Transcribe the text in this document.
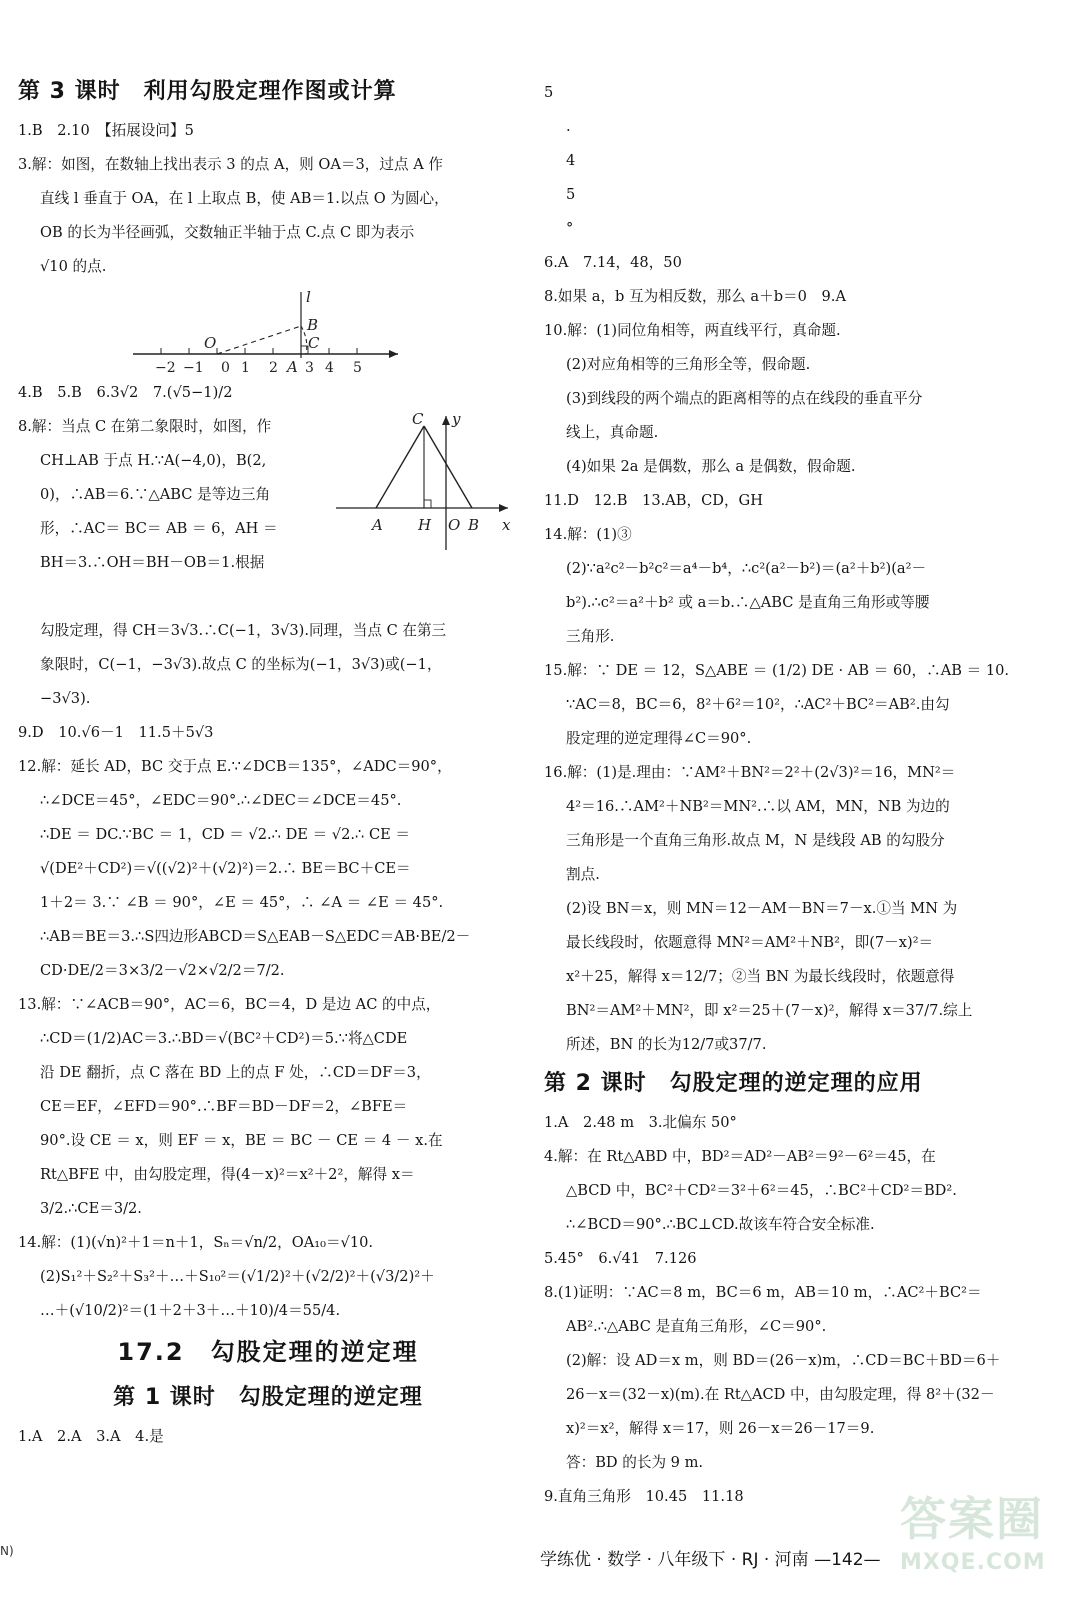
第 3 课时　利用勾股定理作图或计算
1.B　2.10　【拓展设问】5
3.解：如图，在数轴上找出表示 3 的点 A，则 OA＝3，过点 A 作
直线 l 垂直于 OA，在 l 上取点 B，使 AB＝1.以点 O 为圆心，
OB 的长为半径画弧，交数轴正半轴于点 C.点 C 即为表示
√10 的点.
−2 −1 0 1 2 3 4 5
l
B
C
O
A
4.B　5.B　6.3√2　7.(√5−1)/2
8.解：当点 C 在第二象限时，如图，作
CH⊥AB 于点 H.∵A(−4,0)，B(2,
0)，∴AB＝6.∵△ABC 是等边三角
形，∴AC＝ BC＝ AB ＝ 6，AH ＝
BH＝3.∴OH＝BH－OB＝1.根据
C y
A H O B x
勾股定理，得 CH＝3√3.∴C(−1，3√3).同理，当点 C 在第三
象限时，C(−1，−3√3).故点 C 的坐标为(−1，3√3)或(−1，
−3√3).
9.D　10.√6－1　11.5＋5√3
12.解：延长 AD，BC 交于点 E.∵∠DCB＝135°，∠ADC＝90°，
∴∠DCE＝45°，∠EDC＝90°.∴∠DEC＝∠DCE＝45°.
∴DE ＝ DC.∵BC ＝ 1，CD ＝ √2.∴ DE ＝ √2.∴ CE ＝
√(DE²＋CD²)＝√((√2)²＋(√2)²)＝2.∴ BE＝BC＋CE＝
1＋2＝ 3.∵ ∠B ＝ 90°，∠E ＝ 45°，∴ ∠A ＝ ∠E ＝ 45°.
∴AB＝BE＝3.∴S四边形ABCD＝S△EAB－S△EDC＝AB·BE/2－
CD·DE/2＝3×3/2－√2×√2/2＝7/2.
13.解：∵∠ACB＝90°，AC＝6，BC＝4，D 是边 AC 的中点，
∴CD＝(1/2)AC＝3.∴BD＝√(BC²＋CD²)＝5.∵将△CDE
沿 DE 翻折，点 C 落在 BD 上的点 F 处，∴CD＝DF＝3，
CE＝EF，∠EFD＝90°.∴BF＝BD－DF＝2，∠BFE＝
90°.设 CE ＝ x，则 EF ＝ x，BE ＝ BC － CE ＝ 4 － x.在
Rt△BFE 中，由勾股定理，得(4－x)²＝x²＋2²，解得 x＝
3/2.∴CE＝3/2.
14.解：(1)(√n)²＋1＝n＋1，Sₙ＝√n/2，OA₁₀＝√10.
(2)S₁²＋S₂²＋S₃²＋…＋S₁₀²＝(√1/2)²＋(√2/2)²＋(√3/2)²＋
…＋(√10/2)²＝(1＋2＋3＋…＋10)/4＝55/4.
17.2　勾股定理的逆定理
第 1 课时　勾股定理的逆定理
1.A　2.A　3.A　4.是
5
.
4
5
°
6.A　7.14，48，50
8.如果 a，b 互为相反数，那么 a＋b＝0　9.A
10.解：(1)同位角相等，两直线平行，真命题.
(2)对应角相等的三角形全等，假命题.
(3)到线段的两个端点的距离相等的点在线段的垂直平分
线上，真命题.
(4)如果 2a 是偶数，那么 a 是偶数，假命题.
11.D　12.B　13.AB，CD，GH
14.解：(1)③
(2)∵a²c²－b²c²＝a⁴－b⁴，∴c²(a²－b²)＝(a²＋b²)(a²－
b²).∴c²＝a²＋b² 或 a＝b.∴△ABC 是直角三角形或等腰
三角形.
15.解：∵ DE ＝ 12，S△ABE ＝ (1/2) DE · AB ＝ 60，∴AB ＝ 10.
∵AC＝8，BC＝6，8²＋6²＝10²，∴AC²＋BC²＝AB².由勾
股定理的逆定理得∠C＝90°.
16.解：(1)是.理由：∵AM²＋BN²＝2²＋(2√3)²＝16，MN²＝
4²＝16.∴AM²＋NB²＝MN².∴以 AM，MN，NB 为边的
三角形是一个直角三角形.故点 M，N 是线段 AB 的勾股分
割点.
(2)设 BN＝x，则 MN＝12－AM－BN＝7－x.①当 MN 为
最长线段时，依题意得 MN²＝AM²＋NB²，即(7－x)²＝
x²＋25，解得 x＝12/7；②当 BN 为最长线段时，依题意得
BN²＝AM²＋MN²，即 x²＝25＋(7－x)²，解得 x＝37/7.综上
所述，BN 的长为12/7或37/7.
第 2 课时　勾股定理的逆定理的应用
1.A　2.48 m　3.北偏东 50°
4.解：在 Rt△ABD 中，BD²＝AD²－AB²＝9²－6²＝45，在
△BCD 中，BC²＋CD²＝3²＋6²＝45，∴BC²＋CD²＝BD².
∴∠BCD＝90°.∴BC⊥CD.故该车符合安全标准.
5.45°　6.√41　7.126
8.(1)证明：∵AC＝8 m，BC＝6 m，AB＝10 m，∴AC²＋BC²＝
AB².∴△ABC 是直角三角形，∠C＝90°.
(2)解：设 AD＝x m，则 BD＝(26－x)m，∴CD＝BC＋BD＝6＋
26－x＝(32－x)(m).在 Rt△ACD 中，由勾股定理，得 8²＋(32－
x)²＝x²，解得 x＝17，则 26－x＝26－17＝9.
答：BD 的长为 9 m.
9.直角三角形　10.45　11.18
N)	学练优 · 数学 · 八年级下 · RJ · 河南 —142—
答案圈
MXQE.COM
